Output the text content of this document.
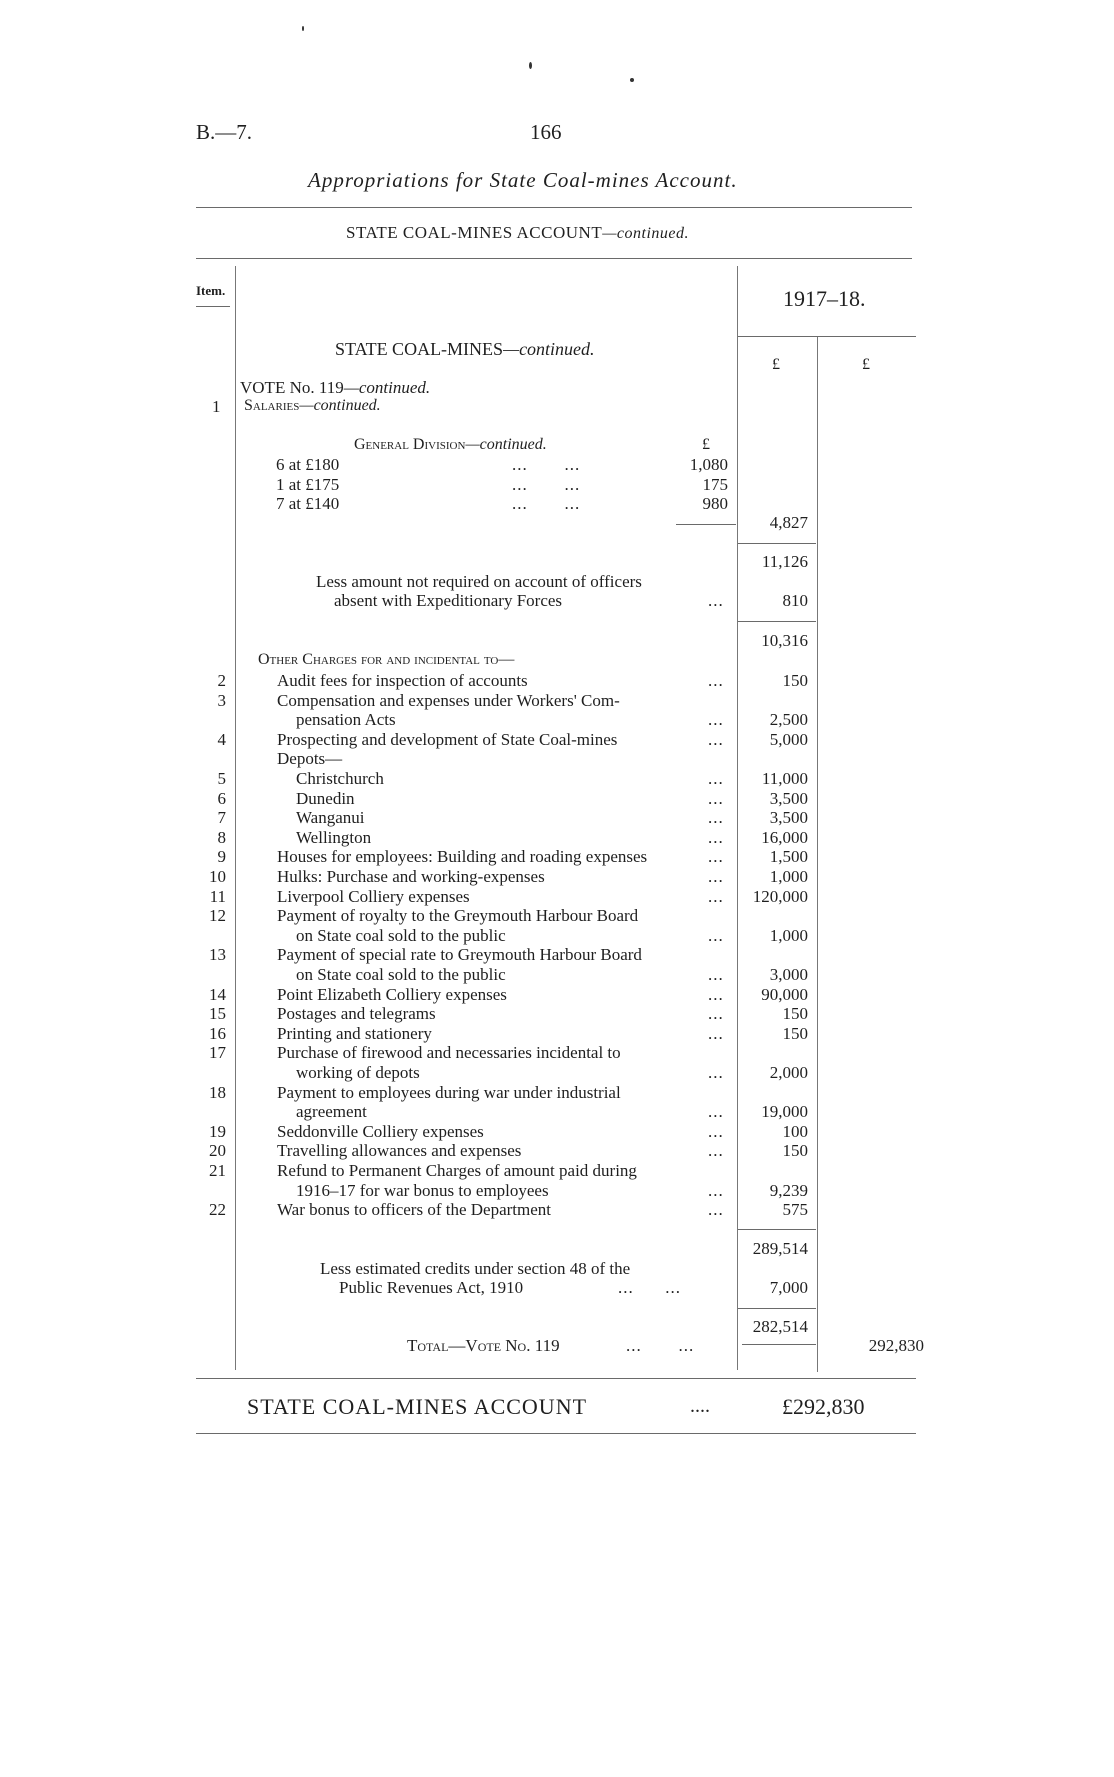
B.—7.	166
Appropriations for State Coal-mines Account.
STATE COAL-MINES ACCOUNT—continued.
Item.	1917–18.
£	£
STATE COAL-MINES—continued.
VOTE No. 119—continued.
1 Salaries—continued.
General Division—continued.	£
6 at £180	...       ...	1,080
1 at £175	...       ...	175
7 at £140	...       ...	980
4,827
11,126
Less amount not required on account of officers
absent with Expeditionary Forces	...	810
10,316
Other Charges for and incidental to—
2	Audit fees for inspection of accounts	...	150
3	Compensation and expenses under Workers' Com-
pensation Acts	...	2,500
4	Prospecting and development of State Coal-mines	...	5,000
Depots—
5	Christchurch	... 11,000
6	Dunedin	...	3,500
7	Wanganui	...	3,500
8	Wellington	... 16,000
9	Houses for employees: Building and roading expenses	...	1,500
10	Hulks: Purchase and working-expenses	...	1,000
11	Liverpool Colliery expenses	... 120,000
12	Payment of royalty to the Greymouth Harbour Board
on State coal sold to the public	...	1,000
13	Payment of special rate to Greymouth Harbour Board
on State coal sold to the public	...	3,000
14	Point Elizabeth Colliery expenses	... 90,000
15	Postages and telegrams	...	150
16	Printing and stationery	...	150
17	Purchase of firewood and necessaries incidental to
working of depots	...	2,000
18	Payment to employees during war under industrial
agreement	... 19,000
19	Seddonville Colliery expenses	...	100
20	Travelling allowances and expenses	...	150
21	Refund to Permanent Charges of amount paid during
1916–17 for war bonus to employees	...	9,239
22	War bonus to officers of the Department	...	575
289,514
Less estimated credits under section 48 of the
Public Revenues Act, 1910	...      ...	7,000
282,514
Total—Vote No. 119	...       ...	292,830
STATE COAL-MINES ACCOUNT	....	£292,830
